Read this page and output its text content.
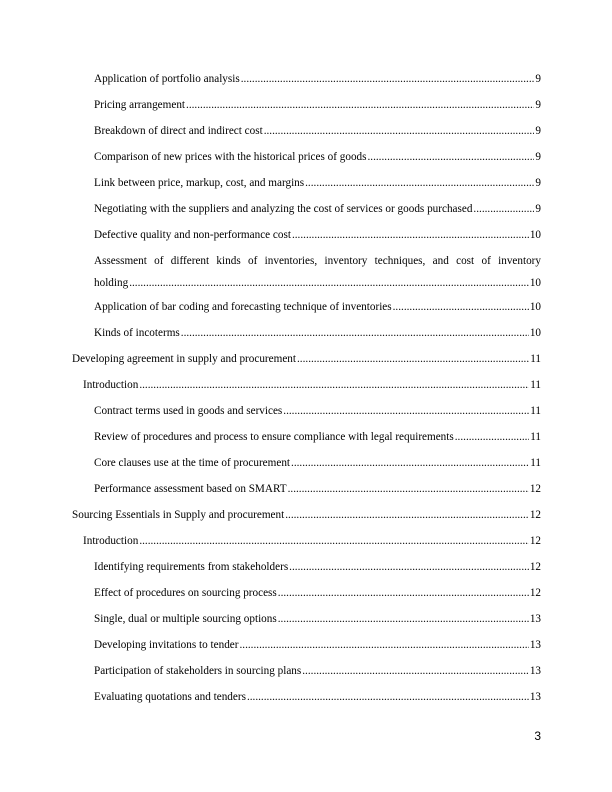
Application of portfolio analysis .....	9
Pricing arrangement .....	9
Breakdown of direct and indirect cost .....	9
Comparison of new prices with the historical prices of goods .....	9
Link between price, markup, cost, and margins .....	9
Negotiating with the suppliers and analyzing the cost of services or goods purchased .....	9
Defective quality and non-performance cost .....	10
Assessment of different kinds of inventories, inventory techniques, and cost of inventory
holding .....	10
Application of bar coding and forecasting technique of inventories .....	10
Kinds of incoterms .....	10
Developing agreement in supply and procurement .....	11
Introduction .....	11
Contract terms used in goods and services .....	11
Review of procedures and process to ensure compliance with legal requirements .....	11
Core clauses use at the time of procurement .....	11
Performance assessment based on SMART .....	12
Sourcing Essentials in Supply and procurement .....	12
Introduction .....	12
Identifying requirements from stakeholders .....	12
Effect of procedures on sourcing process .....	12
Single, dual or multiple sourcing options .....	13
Developing invitations to tender .....	13
Participation of stakeholders in sourcing plans .....	13
Evaluating quotations and tenders .....	13
3
